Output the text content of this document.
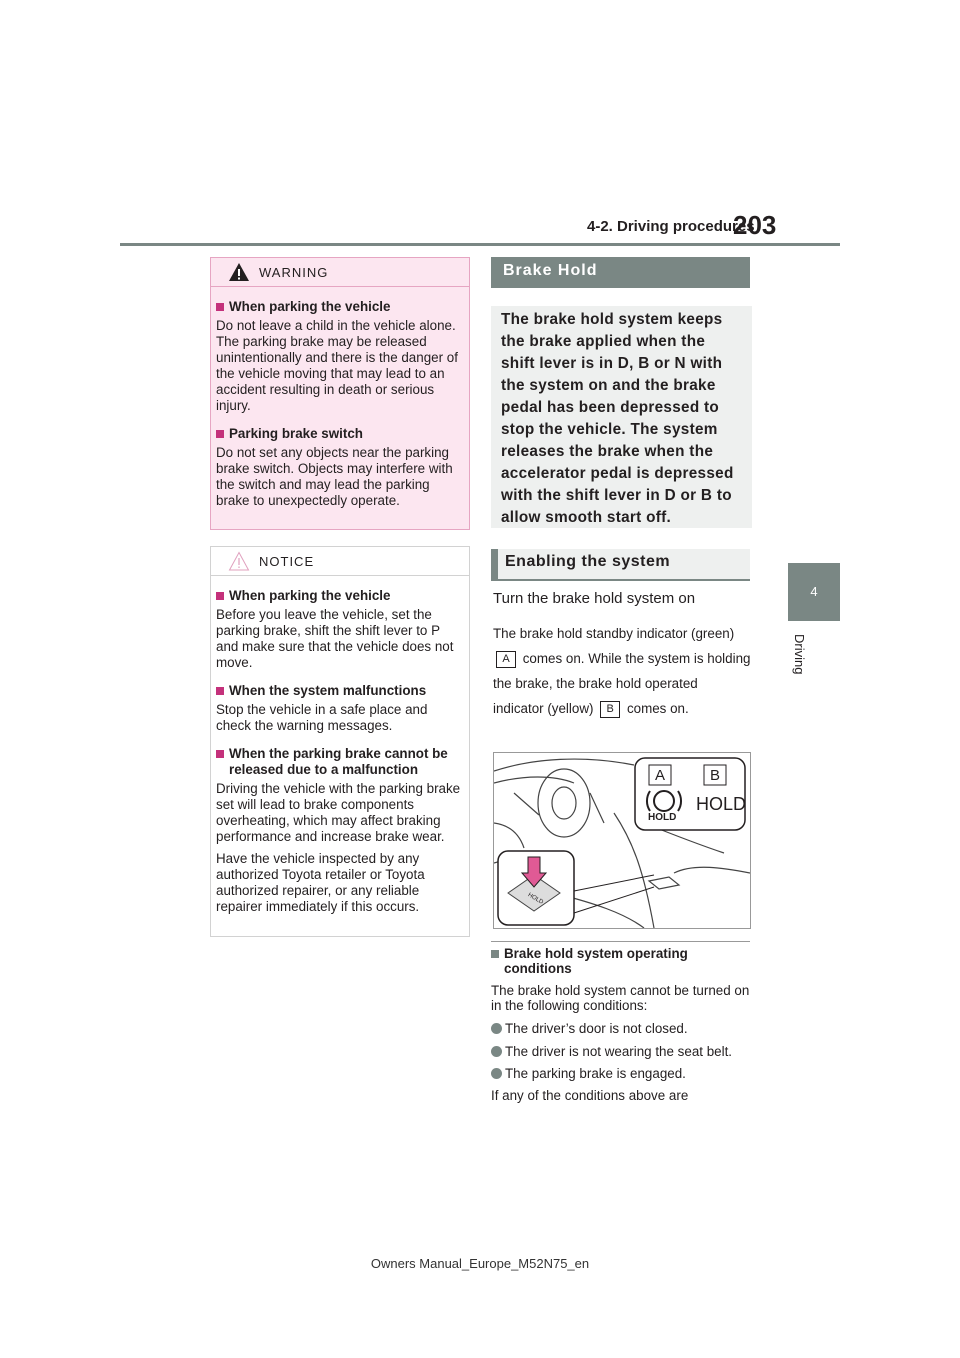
4-2. Driving procedures
203
4
Driving
WARNING
When parking the vehicle
Do not leave a child in the vehicle alone. The parking brake may be released unintentionally and there is the danger of the vehicle moving that may lead to an accident resulting in death or serious injury.
Parking brake switch
Do not set any objects near the parking brake switch. Objects may interfere with the switch and may lead the parking brake to unexpectedly operate.
NOTICE
When parking the vehicle
Before you leave the vehicle, set the parking brake, shift the shift lever to P and make sure that the vehicle does not move.
When the system malfunctions
Stop the vehicle in a safe place and check the warning messages.
When the parking brake cannot be released due to a malfunction
Driving the vehicle with the parking brake set will lead to brake components overheating, which may affect braking performance and increase brake wear.
Have the vehicle inspected by any authorized Toyota retailer or Toyota authorized repairer, or any reliable repairer immediately if this occurs.
Brake Hold

The brake hold system keeps the brake applied when the shift lever is in D, B or N with the system on and the brake pedal has been depressed to stop the vehicle. The system releases the brake when the accelerator pedal is depressed with the shift lever in D or B to allow smooth start off.

Enabling the system
Turn the brake hold system on
The brake hold standby indicator (green) A comes on. While the system is holding the brake, the brake hold operated indicator (yellow) B comes on.
A	B
HOLD
HOLD
HOLD
Brake hold system operating conditions
The brake hold system cannot be turned on in the following conditions:
The driver’s door is not closed.
The driver is not wearing the seat belt.
The parking brake is engaged.
If any of the conditions above are
Owners Manual_Europe_M52N75_en
